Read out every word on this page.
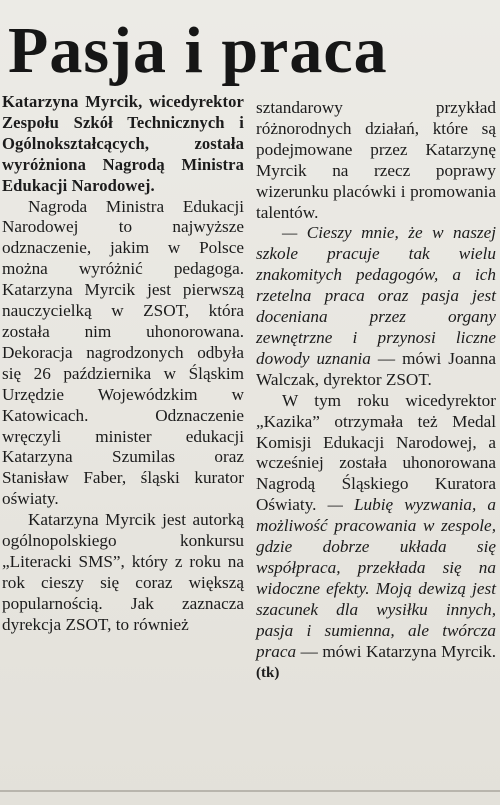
Pasja i praca

Katarzyna Myrcik, wicedyrektor Zespołu Szkół Technicznych i Ogólnokształcących, została wyróżniona Nagrodą Ministra Edukacji Narodowej.

Nagroda Ministra Edukacji Narodowej to najwyższe odznaczenie, jakim w Polsce można wyróżnić pedagoga. Katarzyna Myrcik jest pierwszą nauczycielką w ZSOT, która została nim uhonorowana. Dekoracja nagrodzonych odbyła się 26 października w Śląskim Urzędzie Wojewódzkim w Katowicach. Odznaczenie wręczyli minister edukacji Katarzyna Szumilas oraz Stanisław Faber, śląski kurator oświaty.

Katarzyna Myrcik jest autorką ogólnopolskiego konkursu „Literacki SMS”, który z roku na rok cieszy się coraz większą popularnością. Jak zaznacza dyrekcja ZSOT, to również

sztandarowy przykład różnorodnych działań, które są podejmowane przez Katarzynę Myrcik na rzecz poprawy wizerunku placówki i promowania talentów.

— Cieszy mnie, że w naszej szkole pracuje tak wielu znakomitych pedagogów, a ich rzetelna praca oraz pasja jest doceniana przez organy zewnętrzne i przynosi liczne dowody uznania — mówi Joanna Walczak, dyrektor ZSOT.

W tym roku wicedyrektor „Kazika” otrzymała też Medal Komisji Edukacji Narodowej, a wcześniej została uhonorowana Nagrodą Śląskiego Kuratora Oświaty. — Lubię wyzwania, a możliwość pracowania w zespole, gdzie dobrze układa się współpraca, przekłada się na widoczne efekty. Moją dewizą jest szacunek dla wysiłku innych, pasja i sumienna, ale twórcza praca — mówi Katarzyna Myrcik. (tk)
